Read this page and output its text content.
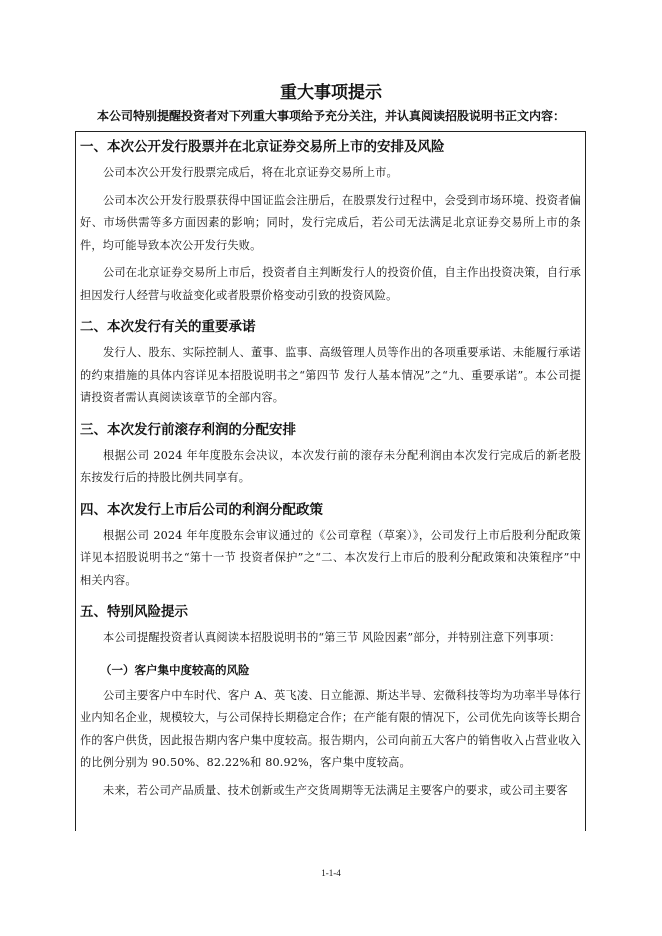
重大事项提示
本公司特别提醒投资者对下列重大事项给予充分关注，并认真阅读招股说明书正文内容：
一、本次公开发行股票并在北京证券交易所上市的安排及风险

公司本次公开发行股票完成后，将在北京证券交易所上市。

公司本次公开发行股票获得中国证监会注册后，在股票发行过程中，会受到市场环境、投资者偏好、市场供需等多方面因素的影响；同时，发行完成后，若公司无法满足北京证券交易所上市的条件，均可能导致本次公开发行失败。

公司在北京证券交易所上市后，投资者自主判断发行人的投资价值，自主作出投资决策，自行承担因发行人经营与收益变化或者股票价格变动引致的投资风险。

二、本次发行有关的重要承诺

发行人、股东、实际控制人、董事、监事、高级管理人员等作出的各项重要承诺、未能履行承诺的约束措施的具体内容详见本招股说明书之“第四节 发行人基本情况”之“九、重要承诺”。本公司提请投资者需认真阅读该章节的全部内容。

三、本次发行前滚存利润的分配安排

根据公司 2024 年年度股东会决议，本次发行前的滚存未分配利润由本次发行完成后的新老股东按发行后的持股比例共同享有。

四、本次发行上市后公司的利润分配政策

根据公司 2024 年年度股东会审议通过的《公司章程（草案）》，公司发行上市后股利分配政策详见本招股说明书之“第十一节 投资者保护”之“二、本次发行上市后的股利分配政策和决策程序”中相关内容。

五、特别风险提示

本公司提醒投资者认真阅读本招股说明书的“第三节 风险因素”部分，并特别注意下列事项：

（一）客户集中度较高的风险

公司主要客户中车时代、客户 A、英飞凌、日立能源、斯达半导、宏微科技等均为功率半导体行业内知名企业，规模较大，与公司保持长期稳定合作；在产能有限的情况下，公司优先向该等长期合作的客户供货，因此报告期内客户集中度较高。报告期内，公司向前五大客户的销售收入占营业收入的比例分别为 90.50%、82.22%和 80.92%，客户集中度较高。

未来，若公司产品质量、技术创新或生产交货周期等无法满足主要客户的要求，或公司主要客

1-1-4
